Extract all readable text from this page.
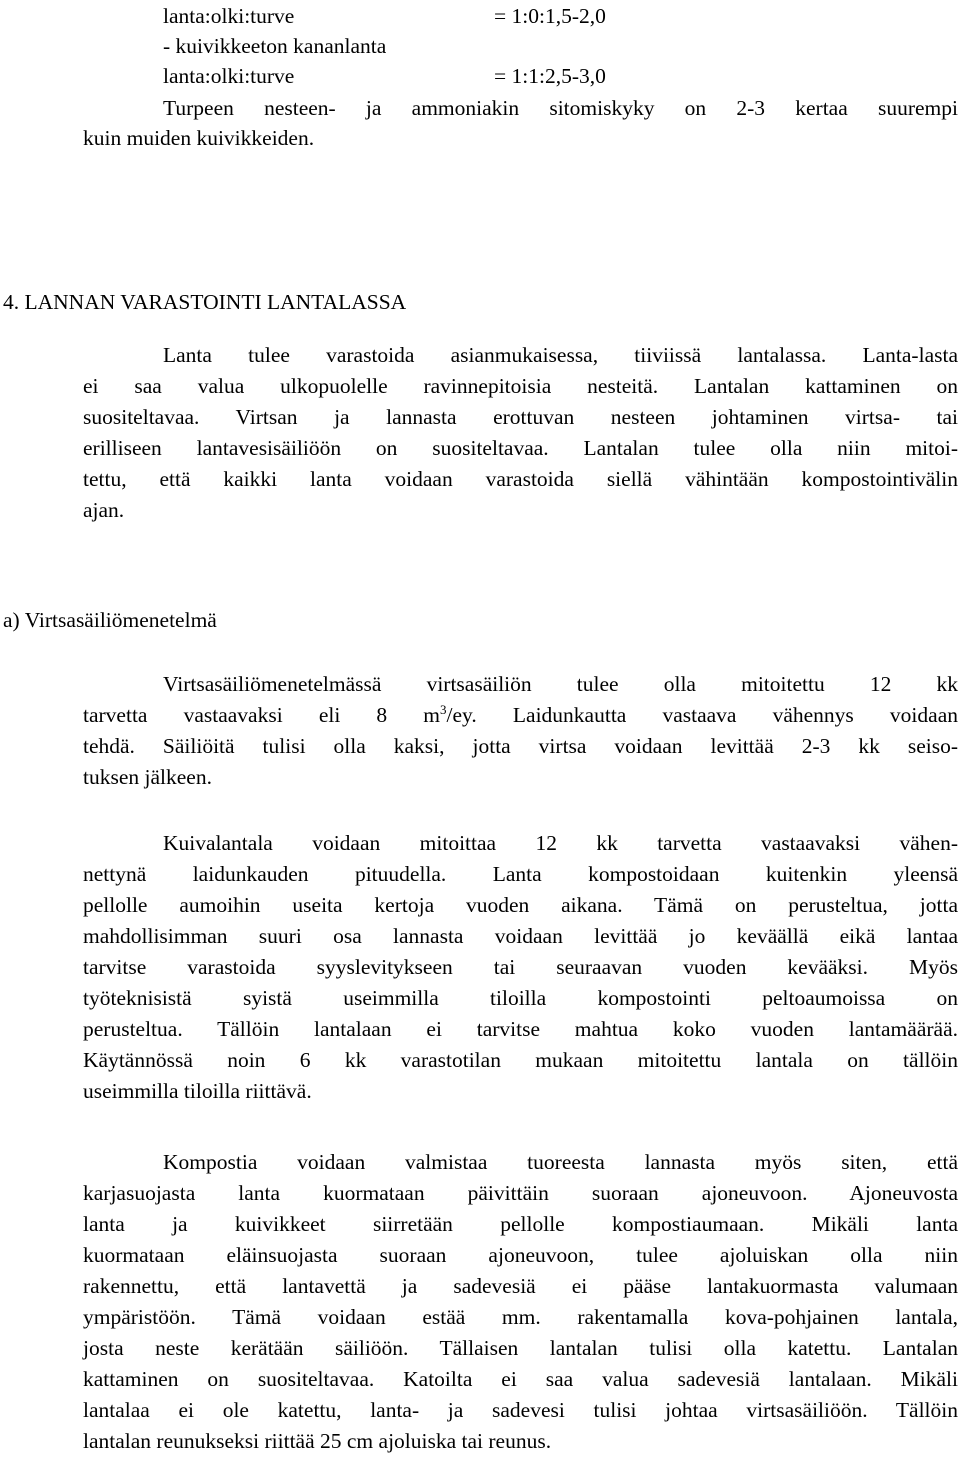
lanta:olki:turve	= 1:0:1,5-2,0
- kuivikkeeton kananlanta
lanta:olki:turve	= 1:1:2,5-3,0
Turpeen nesteen- ja ammoniakin sitomiskyky on 2-3 kertaa suurempi
kuin muiden kuivikkeiden.
4. LANNAN VARASTOINTI LANTALASSA
Lanta tulee varastoida asianmukaisessa, tiiviissä lantalassa. Lanta-lasta
ei saa valua ulkopuolelle ravinnepitoisia nesteitä. Lantalan kattaminen on
suositeltavaa. Virtsan ja lannasta erottuvan nesteen johtaminen virtsa- tai
erilliseen lantavesisäiliöön on suositeltavaa. Lantalan tulee olla niin mitoi-
tettu, että kaikki lanta voidaan varastoida siellä vähintään kompostointivälin
ajan.
a) Virtsasäiliömenetelmä
Virtsasäiliömenetelmässä virtsasäiliön tulee olla mitoitettu 12 kk
tarvetta vastaavaksi eli 8 $m^3/ey$. Laidunkautta vastaava vähennys voidaan
tehdä. Säiliöitä tulisi olla kaksi, jotta virtsa voidaan levittää 2-3 kk seiso-
tuksen jälkeen.
Kuivalantala voidaan mitoittaa 12 kk tarvetta vastaavaksi vähen-
nettynä laidunkauden pituudella. Lanta kompostoidaan kuitenkin yleensä
pellolle aumoihin useita kertoja vuoden aikana. Tämä on perusteltua, jotta
mahdollisimman suuri osa lannasta voidaan levittää jo keväällä eikä lantaa
tarvitse varastoida syyslevitykseen tai seuraavan vuoden kevääksi. Myös
työteknisistä syistä useimmilla tiloilla kompostointi peltoaumoissa on
perusteltua. Tällöin lantalaan ei tarvitse mahtua koko vuoden lantamäärää.
Käytännössä noin 6 kk varastotilan mukaan mitoitettu lantala on tällöin
useimmilla tiloilla riittävä.
Kompostia voidaan valmistaa tuoreesta lannasta myös siten, että
karjasuojasta lanta kuormataan päivittäin suoraan ajoneuvoon. Ajoneuvosta
lanta ja kuivikkeet siirretään pellolle kompostiaumaan. Mikäli lanta
kuormataan eläinsuojasta suoraan ajoneuvoon, tulee ajoluiskan olla niin
rakennettu, että lantavettä ja sadevesiä ei pääse lantakuormasta valumaan
ympäristöön. Tämä voidaan estää mm. rakentamalla kova-pohjainen lantala,
josta neste kerätään säiliöön. Tällaisen lantalan tulisi olla katettu. Lantalan
kattaminen on suositeltavaa. Katoilta ei saa valua sadevesiä lantalaan. Mikäli
lantalaa ei ole katettu, lanta- ja sadevesi tulisi johtaa virtsasäiliöön. Tällöin
lantalan reunukseksi riittää 25 cm ajoluiska tai reunus.
